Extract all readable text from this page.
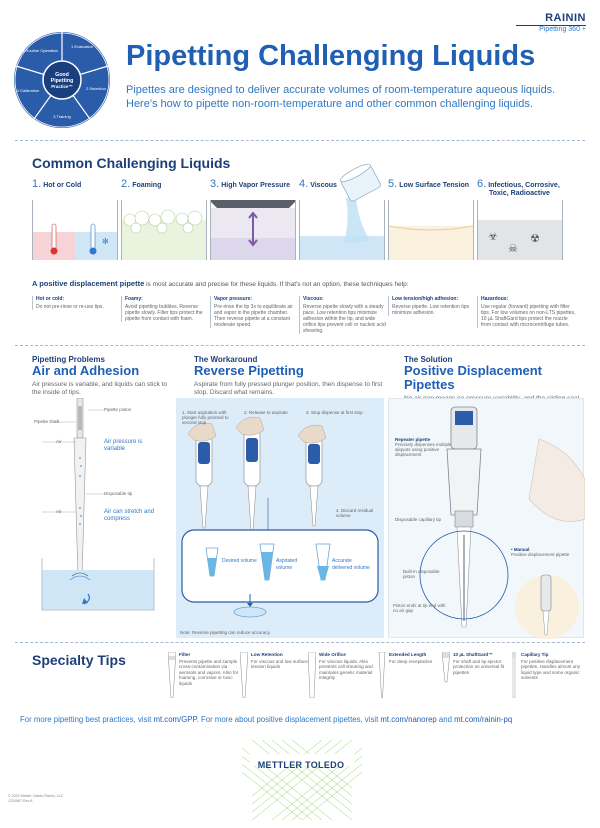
Good
Pipetting
Practice™
1 Evaluation
2 Selection
3 Training
4 Calibration
5 Routine Operation
RAININ
Pipetting 360 +
Pipetting Challenging Liquids
Pipettes are designed to deliver accurate volumes of room-temperature aqueous liquids. Here's how to pipette non-room-temperature and other common challenging liquids.
Common Challenging Liquids
1. Hot or Cold
✻
2. Foaming	3. High Vapor Pressure 4. Viscous	5. Low Surface Tension 6. Infectious, Corrosive,
Toxic, Radioactive
☣	☢
☠
A positive displacement pipette is most accurate and precise for these liquids. If that's not an option, these techniques help:
Hot or cold:
Do not pre-rinse or re-use tips.
Foamy:
Avoid pipetting bubbles. Reverse pipette slowly. Filter tips protect the pipette from contact with foam.
Vapor pressure:
Pre-rinse the tip 3x to equilibrate air and vapor in the pipette chamber. Then reverse pipette at a constant moderate speed.
Viscous:
Reverse pipette slowly with a steady pace. Low retention tips minimize adhesion within the tip, and wide orifice tips prevent cell or nucleic acid shearing.
Low tension/high adhesion:
Reverse pipette. Low retention tips minimize adhesion.
Hazardous:
Use regular (forward) pipetting with filter tips. For low volumes on non-LTS pipettes, 10 µL ShaftGard tips protect the nozzle from contact with microcentrifuge tubes.
Pipetting Problems
Air and Adhesion
Air pressure is variable, and liquids can stick to the inside of tips.
Pipette piston
Pipette shaft
Air
Disposable tip
Air
Air pressure is variable
Air can stretch and compress
The Workaround
Reverse Pipetting
Aspirate from fully pressed plunger position, then dispense to first stop. Discard what remains.
1. Start aspiration with plunger fully pressed to second stop
2. Release to aspirate	3. Stop dispense at first stop
4. Discard residual volume
Desired volume	Aspirated volume
Accurate delivered volume
Note: Reverse pipetting can reduce accuracy.
The Solution
Positive Displacement Pipettes
Repeater pipette
Precisely dispenses multiple aliquots using positive displacement
Disposable capillary tip
Built-in disposable piston
Piston ends at tip end with no air gap
• Manual
Positive displacement pipette
Specialty Tips	Filter
Prevents pipette and sample cross-contamination via aerosols and vapors. Also for foaming, corrosive or toxic liquids
Low Retention
For viscous and low surface tension liquids
Wide Orifice
For viscous liquids. Also prevents cell shearing and maintains genetic material integrity
Extended Length
For deep receptacles
10 µL ShaftGard™
For shaft and tip ejector protection on universal fit pipettes
Capillary Tip
For positive displacement pipettes. Handles almost any liquid type and some organic solvents
For more pipetting best practices, visit mt.com/GPP. For more about positive displacement pipettes, visit mt.com/nanorep and mt.com/rainin-pq
METTLER TOLEDO
© 2020 Mettler-Toledo Rainin, LLC
1234567 Rev A
